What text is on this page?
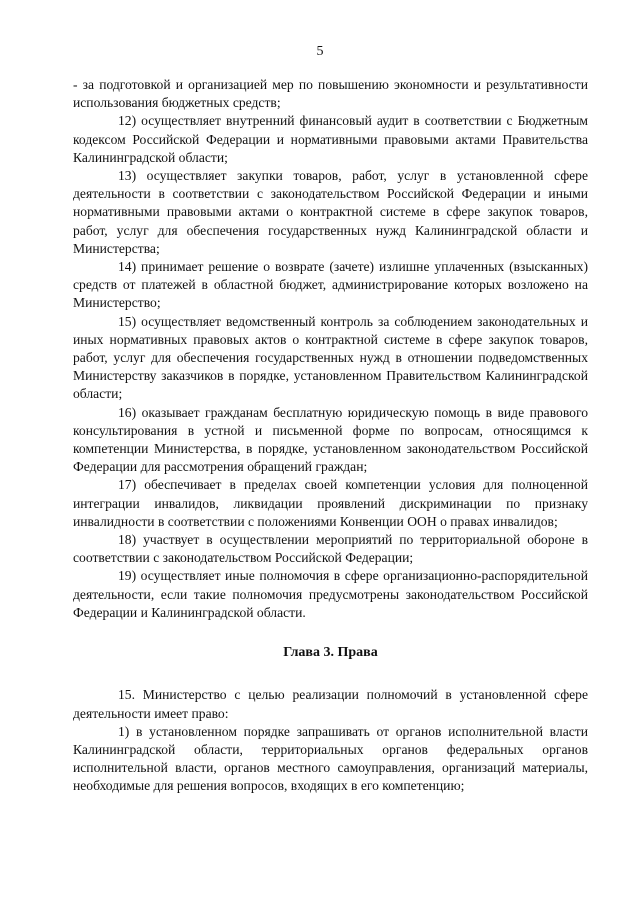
5

- за подготовкой и организацией мер по повышению экономности и результативности использования бюджетных средств;

12) осуществляет внутренний финансовый аудит в соответствии с Бюджетным кодексом Российской Федерации и нормативными правовыми актами Правительства Калининградской области;

13) осуществляет закупки товаров, работ, услуг в установленной сфере деятельности в соответствии с законодательством Российской Федерации и иными нормативными правовыми актами о контрактной системе в сфере закупок товаров, работ, услуг для обеспечения государственных нужд Калининградской области и Министерства;

14) принимает решение о возврате (зачете) излишне уплаченных (взысканных) средств от платежей в областной бюджет, администрирование которых возложено на Министерство;

15) осуществляет ведомственный контроль за соблюдением законодательных и иных нормативных правовых актов о контрактной системе в сфере закупок товаров, работ, услуг для обеспечения государственных нужд в отношении подведомственных Министерству заказчиков в порядке, установленном Правительством Калининградской области;

16) оказывает гражданам бесплатную юридическую помощь в виде правового консультирования в устной и письменной форме по вопросам, относящимся к компетенции Министерства, в порядке, установленном законодательством Российской Федерации для рассмотрения обращений граждан;

17) обеспечивает в пределах своей компетенции условия для полноценной интеграции инвалидов, ликвидации проявлений дискриминации по признаку инвалидности в соответствии с положениями Конвенции ООН о правах инвалидов;

18) участвует в осуществлении мероприятий по территориальной обороне в соответствии с законодательством Российской Федерации;

19) осуществляет иные полномочия в сфере организационно-распорядительной деятельности, если такие полномочия предусмотрены законодательством Российской Федерации и Калининградской области.

Глава 3. Права

15. Министерство с целью реализации полномочий в установленной сфере деятельности имеет право:

1) в установленном порядке запрашивать от органов исполнительной власти Калининградской области, территориальных органов федеральных органов исполнительной власти, органов местного самоуправления, организаций материалы, необходимые для решения вопросов, входящих в его компетенцию;
